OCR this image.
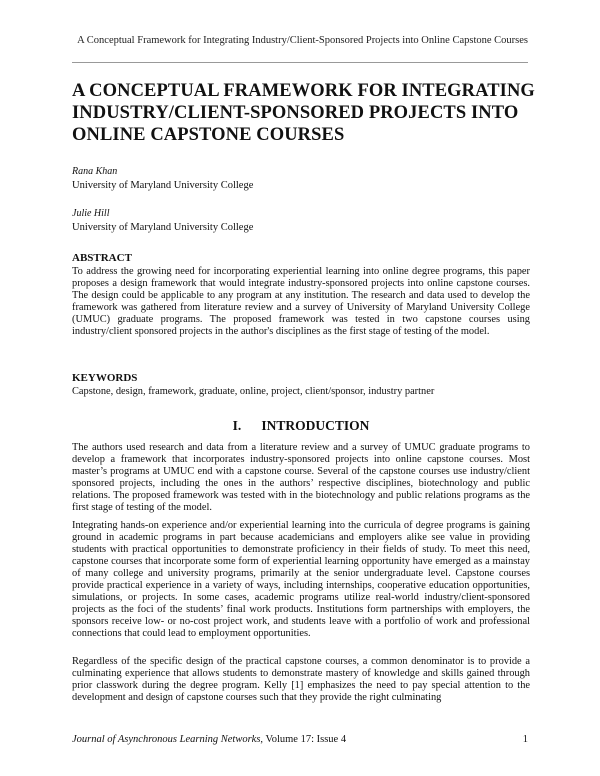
A Conceptual Framework for Integrating Industry/Client-Sponsored Projects into Online Capstone Courses
A CONCEPTUAL FRAMEWORK FOR INTEGRATING INDUSTRY/CLIENT-SPONSORED PROJECTS INTO ONLINE CAPSTONE COURSES
Rana Khan
University of Maryland University College
Julie Hill
University of Maryland University College
ABSTRACT
To address the growing need for incorporating experiential learning into online degree programs, this paper proposes a design framework that would integrate industry-sponsored projects into online capstone courses. The design could be applicable to any program at any institution. The research and data used to develop the framework was gathered from literature review and a survey of University of Maryland University College (UMUC) graduate programs. The proposed framework was tested in two capstone courses using industry/client sponsored projects in the author's disciplines as the first stage of testing of the model.
KEYWORDS
Capstone, design, framework, graduate, online, project, client/sponsor, industry partner
I. INTRODUCTION
The authors used research and data from a literature review and a survey of UMUC graduate programs to develop a framework that incorporates industry-sponsored projects into online capstone courses. Most master’s programs at UMUC end with a capstone course. Several of the capstone courses use industry/client sponsored projects, including the ones in the authors’ respective disciplines, biotechnology and public relations. The proposed framework was tested with in the biotechnology and public relations programs as the first stage of testing of the model.
Integrating hands-on experience and/or experiential learning into the curricula of degree programs is gaining ground in academic programs in part because academicians and employers alike see value in providing students with practical opportunities to demonstrate proficiency in their fields of study. To meet this need, capstone courses that incorporate some form of experiential learning opportunity have emerged as a mainstay of many college and university programs, primarily at the senior undergraduate level. Capstone courses provide practical experience in a variety of ways, including internships, cooperative education opportunities, simulations, or projects. In some cases, academic programs utilize real-world industry/client-sponsored projects as the foci of the students’ final work products. Institutions form partnerships with employers, the sponsors receive low- or no-cost project work, and students leave with a portfolio of work and professional connections that could lead to employment opportunities.
Regardless of the specific design of the practical capstone courses, a common denominator is to provide a culminating experience that allows students to demonstrate mastery of knowledge and skills gained through prior classwork during the degree program. Kelly [1] emphasizes the need to pay special attention to the development and design of capstone courses such that they provide the right culminating
Journal of Asynchronous Learning Networks, Volume 17: Issue 4	1
